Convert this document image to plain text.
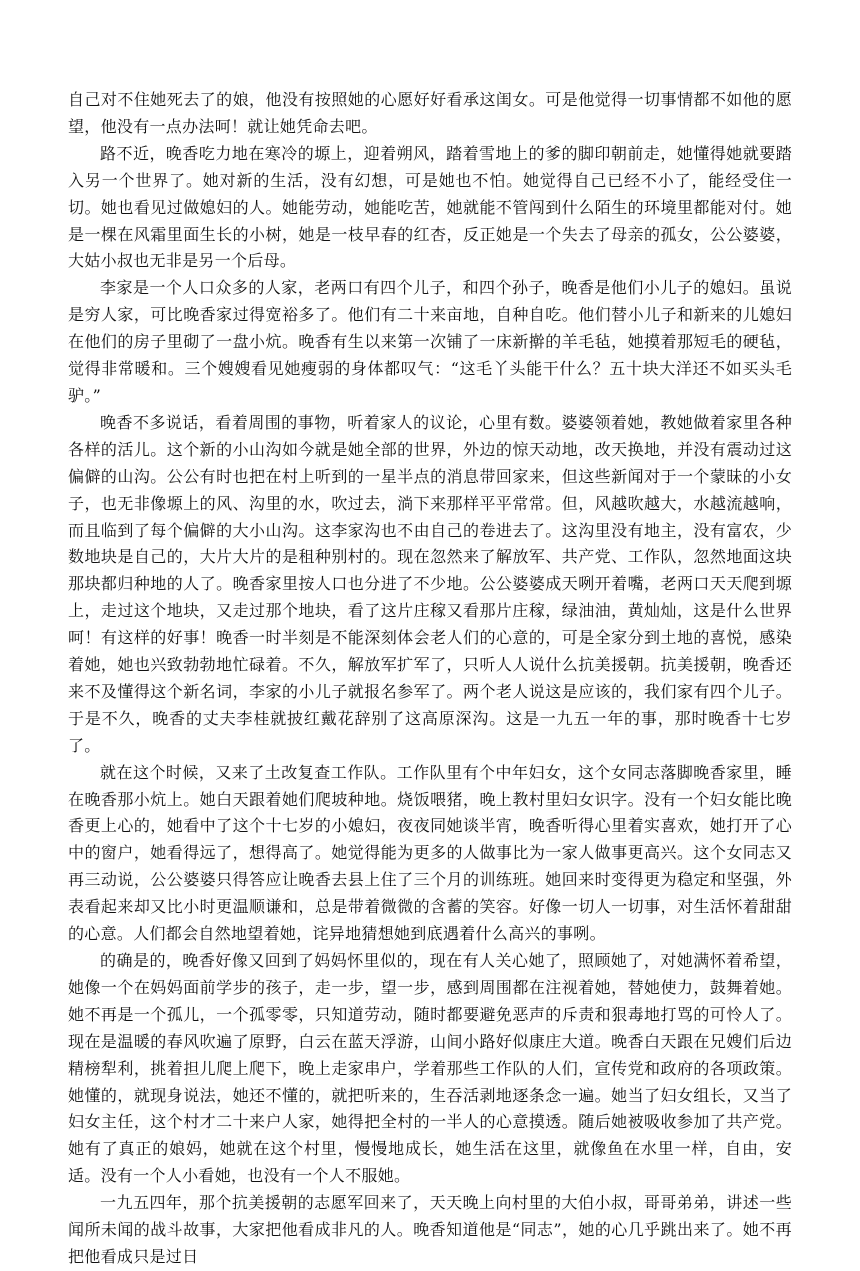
自己对不住她死去了的娘，他没有按照她的心愿好好看承这闺女。可是他觉得一切事情都不如他的愿望，他没有一点办法呵！就让她凭命去吧。

路不近，晚香吃力地在寒冷的塬上，迎着朔风，踏着雪地上的爹的脚印朝前走，她懂得她就要踏入另一个世界了。她对新的生活，没有幻想，可是她也不怕。她觉得自己已经不小了，能经受住一切。她也看见过做媳妇的人。她能劳动，她能吃苦，她就能不管闯到什么陌生的环境里都能对付。她是一棵在风霜里面生长的小树，她是一枝早春的红杏，反正她是一个失去了母亲的孤女，公公婆婆，大姑小叔也无非是另一个后母。

李家是一个人口众多的人家，老两口有四个儿子，和四个孙子，晚香是他们小儿子的媳妇。虽说是穷人家，可比晚香家过得宽裕多了。他们有二十来亩地，自种自吃。他们替小儿子和新来的儿媳妇在他们的房子里砌了一盘小炕。晚香有生以来第一次铺了一床新擀的羊毛毡，她摸着那短毛的硬毡，觉得非常暖和。三个嫂嫂看见她瘦弱的身体都叹气：“这毛丫头能干什么？五十块大洋还不如买头毛驴。”

晚香不多说话，看着周围的事物，听着家人的议论，心里有数。婆婆领着她，教她做着家里各种各样的活儿。这个新的小山沟如今就是她全部的世界，外边的惊天动地，改天换地，并没有震动过这偏僻的山沟。公公有时也把在村上听到的一星半点的消息带回家来，但这些新闻对于一个蒙昧的小女子，也无非像塬上的风、沟里的水，吹过去，淌下来那样平平常常。但，风越吹越大，水越流越响，而且临到了每个偏僻的大小山沟。这李家沟也不由自己的卷进去了。这沟里没有地主，没有富农，少数地块是自己的，大片大片的是租种别村的。现在忽然来了解放军、共产党、工作队，忽然地面这块那块都归种地的人了。晚香家里按人口也分进了不少地。公公婆婆成天咧开着嘴，老两口天天爬到塬上，走过这个地块，又走过那个地块，看了这片庄稼又看那片庄稼，绿油油，黄灿灿，这是什么世界呵！有这样的好事！晚香一时半刻是不能深刻体会老人们的心意的，可是全家分到土地的喜悦，感染着她，她也兴致勃勃地忙碌着。不久，解放军扩军了，只听人人说什么抗美援朝。抗美援朝，晚香还来不及懂得这个新名词，李家的小儿子就报名参军了。两个老人说这是应该的，我们家有四个儿子。于是不久，晚香的丈夫李桂就披红戴花辞别了这高原深沟。这是一九五一年的事，那时晚香十七岁了。

就在这个时候，又来了土改复查工作队。工作队里有个中年妇女，这个女同志落脚晚香家里，睡在晚香那小炕上。她白天跟着她们爬坡种地。烧饭喂猪，晚上教村里妇女识字。没有一个妇女能比晚香更上心的，她看中了这个十七岁的小媳妇，夜夜同她谈半宵，晚香听得心里着实喜欢，她打开了心中的窗户，她看得远了，想得高了。她觉得能为更多的人做事比为一家人做事更高兴。这个女同志又再三动说，公公婆婆只得答应让晚香去县上住了三个月的训练班。她回来时变得更为稳定和坚强，外表看起来却又比小时更温顺谦和，总是带着微微的含蓄的笑容。好像一切人一切事，对生活怀着甜甜的心意。人们都会自然地望着她，诧异地猜想她到底遇着什么高兴的事咧。

的确是的，晚香好像又回到了妈妈怀里似的，现在有人关心她了，照顾她了，对她满怀着希望，她像一个在妈妈面前学步的孩子，走一步，望一步，感到周围都在注视着她，替她使力，鼓舞着她。她不再是一个孤儿，一个孤零零，只知道劳动，随时都要避免恶声的斥责和狠毒地打骂的可怜人了。现在是温暖的春风吹遍了原野，白云在蓝天浮游，山间小路好似康庄大道。晚香白天跟在兄嫂们后边精榜犁利，挑着担儿爬上爬下，晚上走家串户，学着那些工作队的人们，宣传党和政府的各项政策。她懂的，就现身说法，她还不懂的，就把听来的，生吞活剥地逐条念一遍。她当了妇女组长，又当了妇女主任，这个村才二十来户人家，她得把全村的一半人的心意摸透。随后她被吸收参加了共产党。她有了真正的娘妈，她就在这个村里，慢慢地成长，她生活在这里，就像鱼在水里一样，自由，安适。没有一个人小看她，也没有一个人不服她。

一九五四年，那个抗美援朝的志愿军回来了，天天晚上向村里的大伯小叔，哥哥弟弟，讲述一些闻所未闻的战斗故事，大家把他看成非凡的人。晚香知道他是“同志”，她的心几乎跳出来了。她不再把他看成只是过日
